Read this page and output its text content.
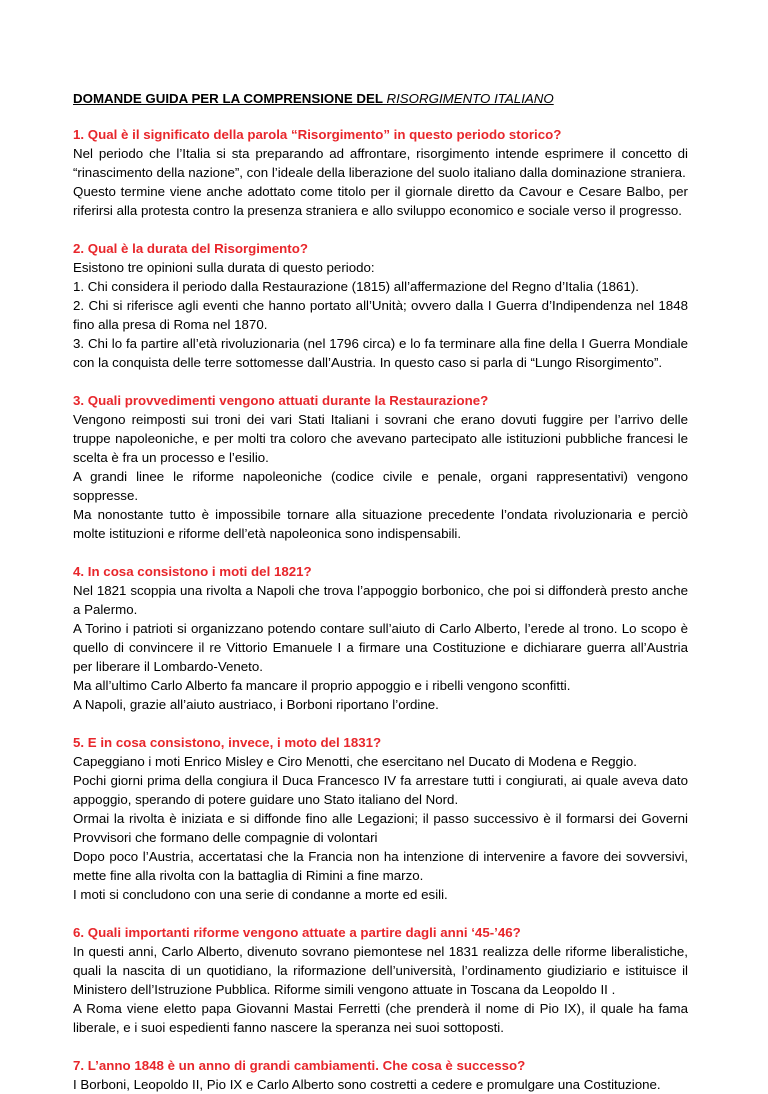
DOMANDE GUIDA PER LA COMPRENSIONE DEL RISORGIMENTO ITALIANO

1. Qual è il significato della parola “Risorgimento” in questo periodo storico?

Nel periodo che l’Italia si sta preparando ad affrontare, risorgimento intende esprimere il concetto di “rinascimento della nazione”, con l’ideale della liberazione del suolo italiano dalla dominazione straniera.

Questo termine viene anche adottato come titolo per il giornale diretto da Cavour e Cesare Balbo, per riferirsi alla protesta contro la presenza straniera e allo sviluppo economico e sociale verso il progresso.

2. Qual è la durata del Risorgimento?

Esistono tre opinioni sulla durata di questo periodo:

1. Chi considera il periodo dalla Restaurazione (1815) all’affermazione del Regno d’Italia (1861).

2. Chi si riferisce agli eventi che hanno portato all’Unità; ovvero dalla I Guerra d’Indipendenza nel 1848 fino alla presa di Roma nel 1870.

3. Chi lo fa partire all’età rivoluzionaria (nel 1796 circa) e lo fa terminare alla fine della I Guerra Mondiale con la conquista delle terre sottomesse dall’Austria. In questo caso si parla di “Lungo Risorgimento”.

3. Quali provvedimenti vengono attuati durante la Restaurazione?

Vengono reimposti sui troni dei vari Stati Italiani i sovrani che erano dovuti fuggire per l’arrivo delle truppe napoleoniche, e per molti tra coloro che avevano partecipato alle istituzioni pubbliche francesi le scelta è fra un processo e l’esilio.

A grandi linee le riforme napoleoniche (codice civile e penale, organi rappresentativi) vengono soppresse.

Ma nonostante tutto è impossibile tornare alla situazione precedente l’ondata rivoluzionaria e perciò molte istituzioni e riforme dell’età napoleonica sono indispensabili.

4. In cosa consistono i moti del 1821?

Nel 1821 scoppia una rivolta a Napoli che trova l’appoggio borbonico, che poi si diffonderà presto anche a Palermo.

A Torino i patrioti si organizzano potendo contare sull’aiuto di Carlo Alberto, l’erede al trono. Lo scopo è quello di convincere il re Vittorio Emanuele I a firmare una Costituzione e dichiarare guerra all’Austria per liberare il Lombardo-Veneto.

Ma all’ultimo Carlo Alberto fa mancare il proprio appoggio e i ribelli vengono sconfitti.

A Napoli, grazie all’aiuto austriaco, i Borboni riportano l’ordine.

5. E in cosa consistono, invece, i moto del 1831?

Capeggiano i moti Enrico Misley e Ciro Menotti, che esercitano nel Ducato di Modena e Reggio.

Pochi giorni prima della congiura il Duca Francesco IV fa arrestare tutti i congiurati, ai quale aveva dato appoggio, sperando di potere guidare uno Stato italiano del Nord.

Ormai la rivolta è iniziata e si diffonde fino alle Legazioni; il passo successivo è il formarsi dei Governi Provvisori che formano delle compagnie di volontari

Dopo poco l’Austria, accertatasi che la Francia non ha intenzione di intervenire a favore dei sovversivi, mette fine alla rivolta con la battaglia di Rimini a fine marzo.

I moti si concludono con una serie di condanne a morte ed esili.

6. Quali importanti riforme vengono attuate a partire dagli anni ‘45-’46?

In questi anni, Carlo Alberto, divenuto sovrano piemontese nel 1831 realizza delle riforme liberalistiche, quali la nascita di un quotidiano, la riformazione dell’università, l’ordinamento giudiziario e istituisce il Ministero dell’Istruzione Pubblica. Riforme simili vengono attuate in Toscana da Leopoldo II .

A Roma viene eletto papa Giovanni Mastai Ferretti (che prenderà il nome di Pio IX), il quale ha fama liberale, e i suoi espedienti fanno nascere la speranza nei suoi sottoposti.

7. L’anno 1848 è un anno di grandi cambiamenti. Che cosa è successo?

I Borboni, Leopoldo II, Pio IX e Carlo Alberto sono costretti a cedere e promulgare una Costituzione.
